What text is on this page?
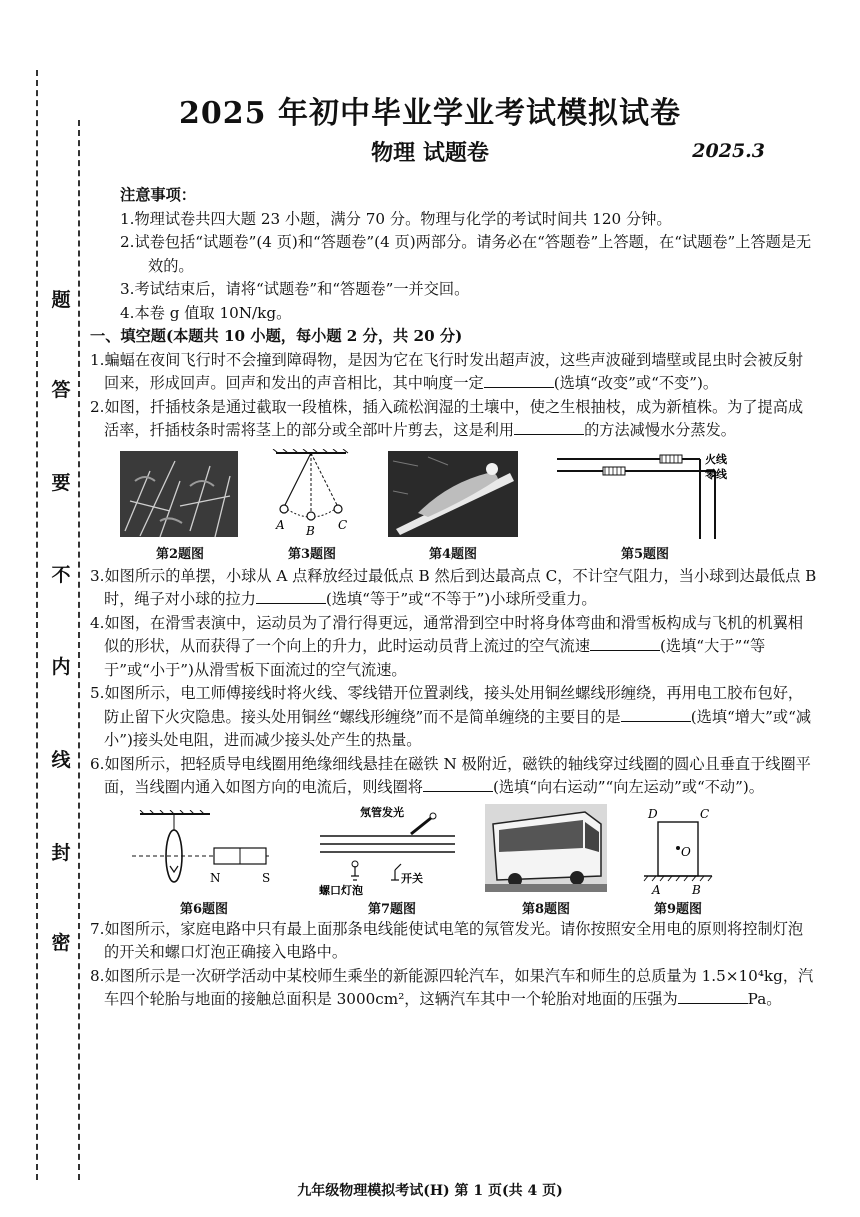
题
答
要
不
内
线
封
密
2025 年初中毕业学业考试模拟试卷
物理 试题卷	2025.3

注意事项：

1.物理试卷共四大题 23 小题，满分 70 分。物理与化学的考试时间共 120 分钟。

2.试卷包括“试题卷”(4 页)和“答题卷”(4 页)两部分。请务必在“答题卷”上答题，在“试题卷”上答题是无效的。

3.考试结束后，请将“试题卷”和“答题卷”一并交回。

4.本卷 g 值取 10N/kg。

一、填空题(本题共 10 小题，每小题 2 分，共 20 分)

1.蝙蝠在夜间飞行时不会撞到障碍物，是因为它在飞行时发出超声波，这些声波碰到墙壁或昆虫时会被反射回来，形成回声。回声和发出的声音相比，其中响度一定	(选填“改变”或“不变”)。

2.如图，扦插枝条是通过截取一段植株，插入疏松润湿的土壤中，使之生根抽枝，成为新植株。为了提高成活率，扦插枝条时需将茎上的部分或全部叶片剪去，这是利用	的方法减慢水分蒸发。

A B C
火线
零线
第2题图	第3题图	第4题图	第5题图

3.如图所示的单摆，小球从 A 点释放经过最低点 B 然后到达最高点 C，不计空气阻力，当小球到达最低点 B 时，绳子对小球的拉力	(选填“等于”或“不等于”)小球所受重力。

4.如图，在滑雪表演中，运动员为了滑行得更远，通常滑到空中时将身体弯曲和滑雪板构成与飞机的机翼相似的形状，从而获得了一个向上的升力，此时运动员背上流过的空气流速	(选填“大于”“等于”或“小于”)从滑雪板下面流过的空气流速。

5.如图所示，电工师傅接线时将火线、零线错开位置剥线，接头处用铜丝螺线形缠绕，再用电工胶布包好，防止留下火灾隐患。接头处用铜丝“螺线形缠绕”而不是简单缠绕的主要目的是	(选填“增大”或“减小”)接头处电阻，进而减少接头处产生的热量。

6.如图所示，把轻质导电线圈用绝缘细线悬挂在磁铁 N 极附近，磁铁的轴线穿过线圈的圆心且垂直于线圈平面，当线圈内通入如图方向的电流后，则线圈将	(选填“向右运动”“向左运动”或“不动”)。

N	S
氖管发光
开关
螺口灯泡
D	C
O
A	B
第6题图	第7题图	第8题图	第9题图

7.如图所示，家庭电路中只有最上面那条电线能使试电笔的氖管发光。请你按照安全用电的原则将控制灯泡的开关和螺口灯泡正确接入电路中。

8.如图所示是一次研学活动中某校师生乘坐的新能源四轮汽车，如果汽车和师生的总质量为 1.5×10⁴kg，汽车四个轮胎与地面的接触总面积是 3000cm²，这辆汽车其中一个轮胎对地面的压强为	Pa。

九年级物理模拟考试(H) 第 1 页(共 4 页)
